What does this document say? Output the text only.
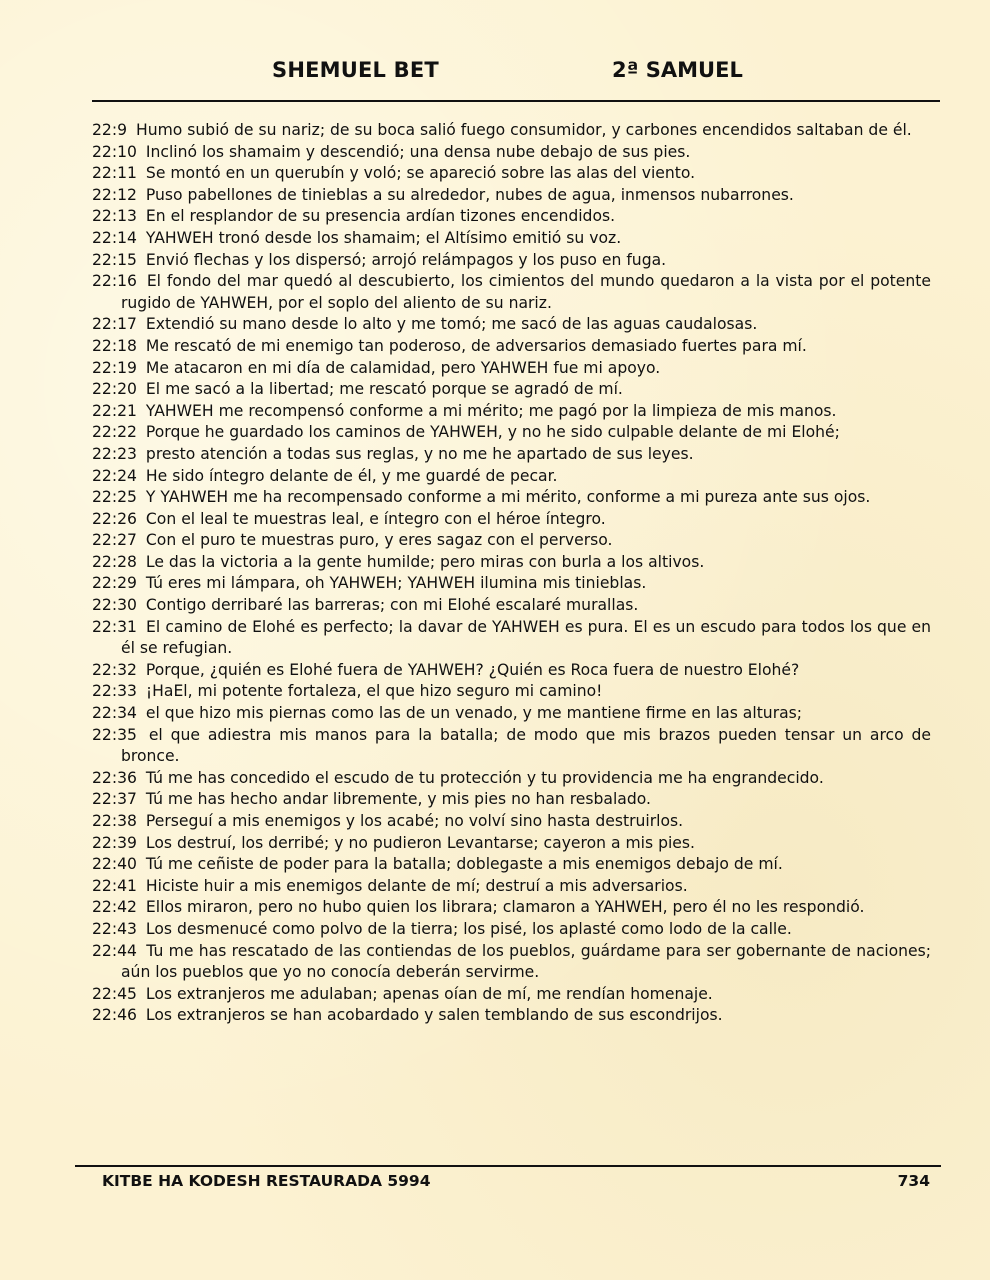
SHEMUEL BET	2ª SAMUEL

22:9 Humo subió de su nariz; de su boca salió fuego consumidor, y carbones encendidos saltaban de él.

22:10 Inclinó los shamaim y descendió; una densa nube debajo de sus pies.

22:11 Se montó en un querubín y voló; se apareció sobre las alas del viento.

22:12 Puso pabellones de tinieblas a su alrededor, nubes de agua, inmensos nubarrones.

22:13 En el resplandor de su presencia ardían tizones encendidos.

22:14 YAHWEH tronó desde los shamaim; el Altísimo emitió su voz.

22:15 Envió flechas y los dispersó; arrojó relámpagos y los puso en fuga.

22:16 El fondo del mar quedó al descubierto, los cimientos del mundo quedaron a la vista por el potente rugido de YAHWEH, por el soplo del aliento de su nariz.

22:17 Extendió su mano desde lo alto y me tomó; me sacó de las aguas caudalosas.

22:18 Me rescató de mi enemigo tan poderoso, de adversarios demasiado fuertes para mí.

22:19 Me atacaron en mi día de calamidad, pero YAHWEH fue mi apoyo.

22:20 El me sacó a la libertad; me rescató porque se agradó de mí.

22:21 YAHWEH me recompensó conforme a mi mérito; me pagó por la limpieza de mis manos.

22:22 Porque he guardado los caminos de YAHWEH, y no he sido culpable delante de mi Elohé;

22:23 presto atención a todas sus reglas, y no me he apartado de sus leyes.

22:24 He sido íntegro delante de él, y me guardé de pecar.

22:25 Y YAHWEH me ha recompensado conforme a mi mérito, conforme a mi pureza ante sus ojos.

22:26 Con el leal te muestras leal, e íntegro con el héroe íntegro.

22:27 Con el puro te muestras puro, y eres sagaz con el perverso.

22:28 Le das la victoria a la gente humilde; pero miras con burla a los altivos.

22:29 Tú eres mi lámpara, oh YAHWEH; YAHWEH ilumina mis tinieblas.

22:30 Contigo derribaré las barreras; con mi Elohé escalaré murallas.

22:31 El camino de Elohé es perfecto; la davar de YAHWEH es pura. El es un escudo para todos los que en él se refugian.

22:32 Porque, ¿quién es Elohé fuera de YAHWEH? ¿Quién es Roca fuera de nuestro Elohé?

22:33 ¡HaEl, mi potente fortaleza, el que hizo seguro mi camino!

22:34 el que hizo mis piernas como las de un venado, y me mantiene firme en las alturas;

22:35 el que adiestra mis manos para la batalla; de modo que mis brazos pueden tensar un arco de bronce.

22:36 Tú me has concedido el escudo de tu protección y tu providencia me ha engrandecido.

22:37 Tú me has hecho andar libremente, y mis pies no han resbalado.

22:38 Perseguí a mis enemigos y los acabé; no volví sino hasta destruirlos.

22:39 Los destruí, los derribé; y no pudieron Levantarse; cayeron a mis pies.

22:40 Tú me ceñiste de poder para la batalla; doblegaste a mis enemigos debajo de mí.

22:41 Hiciste huir a mis enemigos delante de mí; destruí a mis adversarios.

22:42 Ellos miraron, pero no hubo quien los librara; clamaron a YAHWEH, pero él no les respondió.

22:43 Los desmenucé como polvo de la tierra; los pisé, los aplasté como lodo de la calle.

22:44 Tu me has rescatado de las contiendas de los pueblos, guárdame para ser gobernante de naciones; aún los pueblos que yo no conocía deberán servirme.

22:45 Los extranjeros me adulaban; apenas oían de mí, me rendían homenaje.

22:46 Los extranjeros se han acobardado y salen temblando de sus escondrijos.

KITBE HA KODESH RESTAURADA 5994	734
